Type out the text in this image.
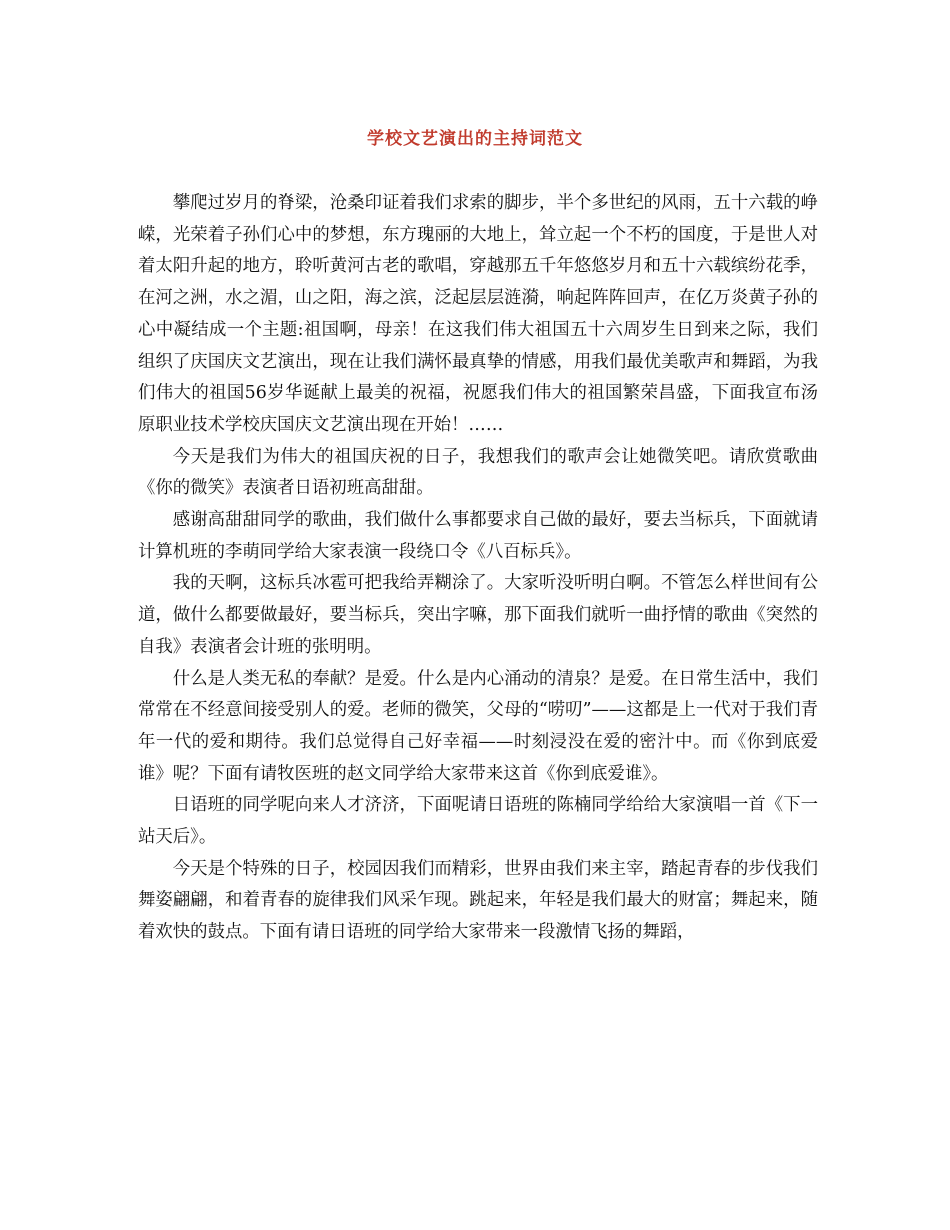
学校文艺演出的主持词范文

攀爬过岁月的脊梁，沧桑印证着我们求索的脚步，半个多世纪的风雨，五十六载的峥嵘，光荣着子孙们心中的梦想，东方瑰丽的大地上，耸立起一个不朽的国度，于是世人对着太阳升起的地方，聆听黄河古老的歌唱，穿越那五千年悠悠岁月和五十六载缤纷花季，在河之洲，水之湄，山之阳，海之滨，泛起层层涟漪，响起阵阵回声，在亿万炎黄子孙的心中凝结成一个主题:祖国啊，母亲！在这我们伟大祖国五十六周岁生日到来之际，我们组织了庆国庆文艺演出，现在让我们满怀最真挚的情感，用我们最优美歌声和舞蹈，为我们伟大的祖国56岁华诞献上最美的祝福，祝愿我们伟大的祖国繁荣昌盛，下面我宣布汤原职业技术学校庆国庆文艺演出现在开始！……

今天是我们为伟大的祖国庆祝的日子，我想我们的歌声会让她微笑吧。请欣赏歌曲《你的微笑》表演者日语初班高甜甜。

感谢高甜甜同学的歌曲，我们做什么事都要求自己做的最好，要去当标兵，下面就请计算机班的李萌同学给大家表演一段绕口令《八百标兵》。

我的天啊，这标兵冰雹可把我给弄糊涂了。大家听没听明白啊。不管怎么样世间有公道，做什么都要做最好，要当标兵，突出字嘛，那下面我们就听一曲抒情的歌曲《突然的自我》表演者会计班的张明明。

什么是人类无私的奉献？是爱。什么是内心涌动的清泉？是爱。在日常生活中，我们常常在不经意间接受别人的爱。老师的微笑，父母的“唠叨”——这都是上一代对于我们青年一代的爱和期待。我们总觉得自己好幸福——时刻浸没在爱的密汁中。而《你到底爱谁》呢？下面有请牧医班的赵文同学给大家带来这首《你到底爱谁》。

日语班的同学呢向来人才济济，下面呢请日语班的陈楠同学给给大家演唱一首《下一站天后》。

今天是个特殊的日子，校园因我们而精彩，世界由我们来主宰，踏起青春的步伐我们舞姿翩翩，和着青春的旋律我们风采乍现。跳起来，年轻是我们最大的财富；舞起来，随着欢快的鼓点。下面有请日语班的同学给大家带来一段激情飞扬的舞蹈，
